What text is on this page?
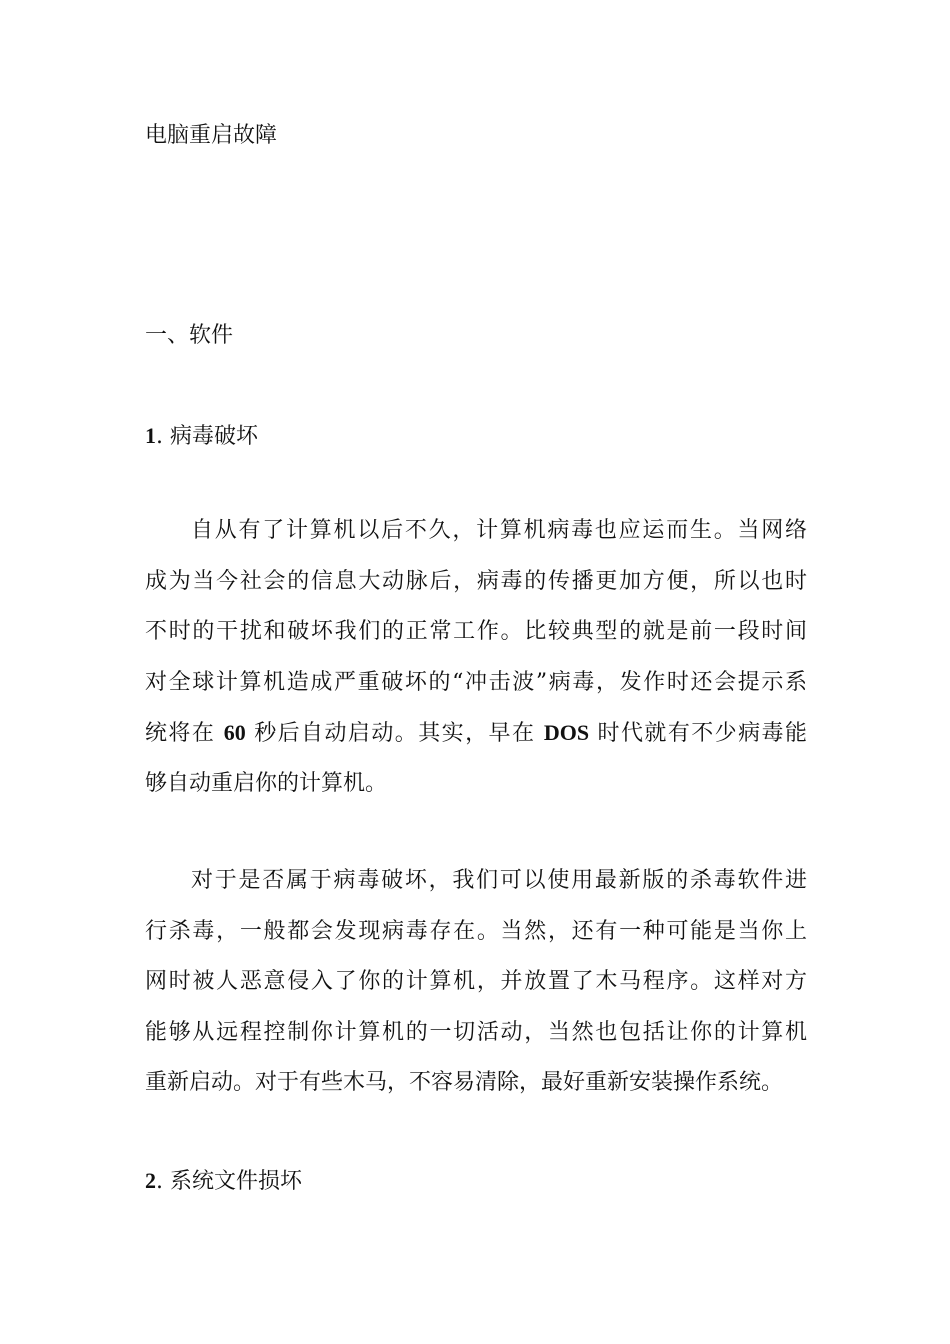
电脑重启故障
一、软件
1. 病毒破坏

自从有了计算机以后不久，计算机病毒也应运而生。当网络
成为当今社会的信息大动脉后，病毒的传播更加方便，所以也时
不时的干扰和破坏我们的正常工作。比较典型的就是前一段时间
对全球计算机造成严重破坏的“冲击波”病毒，发作时还会提示系
统将在 60 秒后自动启动。其实，早在 DOS 时代就有不少病毒能
够自动重启你的计算机。

对于是否属于病毒破坏，我们可以使用最新版的杀毒软件进
行杀毒，一般都会发现病毒存在。当然，还有一种可能是当你上
网时被人恶意侵入了你的计算机，并放置了木马程序。这样对方
能够从远程控制你计算机的一切活动，当然也包括让你的计算机
重新启动。对于有些木马，不容易清除，最好重新安装操作系统。

2. 系统文件损坏
